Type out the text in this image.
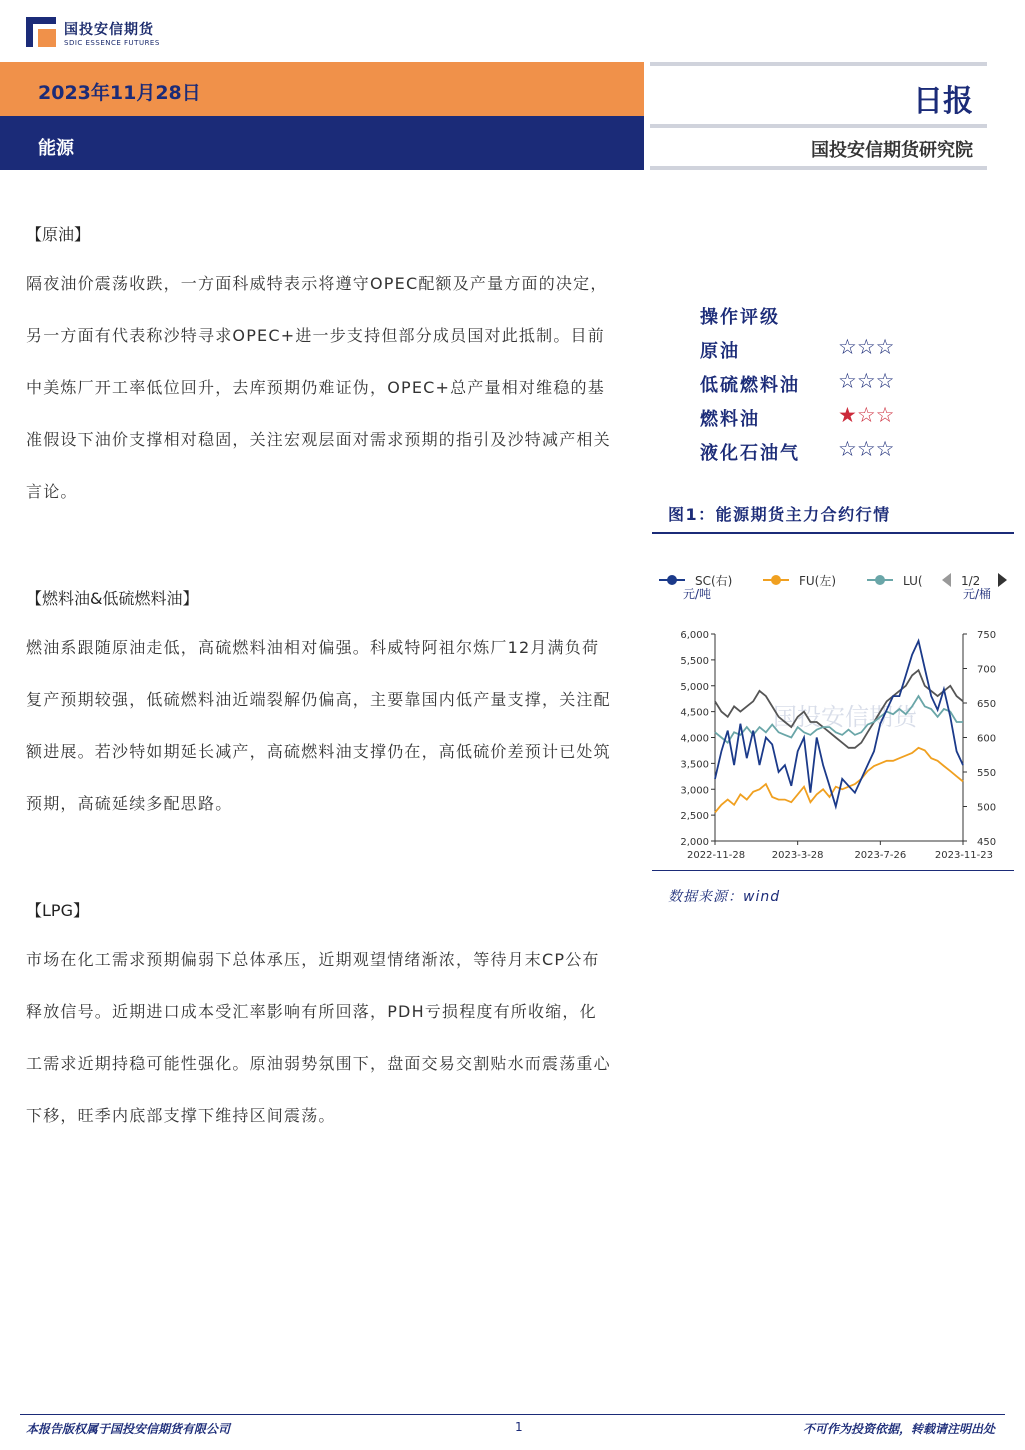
国投安信期货
SDIC ESSENCE FUTURES
2023年11月28日
能源
日报
国投安信期货研究院
【原油】
隔夜油价震荡收跌，一方面科威特表示将遵守OPEC配额及产量方面的决定，另一方面有代表称沙特寻求OPEC+进一步支持但部分成员国对此抵制。目前中美炼厂开工率低位回升，去库预期仍难证伪，OPEC+总产量相对维稳的基准假设下油价支撑相对稳固，关注宏观层面对需求预期的指引及沙特减产相关言论。
【燃料油&低硫燃料油】
燃油系跟随原油走低，高硫燃料油相对偏强。科威特阿祖尔炼厂12月满负荷复产预期较强，低硫燃料油近端裂解仍偏高，主要靠国内低产量支撑，关注配额进展。若沙特如期延长减产，高硫燃料油支撑仍在，高低硫价差预计已处筑预期，高硫延续多配思路。
【LPG】
市场在化工需求预期偏弱下总体承压，近期观望情绪渐浓，等待月末CP公布释放信号。近期进口成本受汇率影响有所回落，PDH亏损程度有所收缩，化工需求近期持稳可能性强化。原油弱势氛围下，盘面交易交割贴水而震荡重心下移，旺季内底部支撑下维持区间震荡。
操作评级
原油	☆☆☆
低硫燃料油 ☆☆☆
燃料油	★☆☆
液化石油气 ☆☆☆
图1：能源期货主力合约行情
SC(右)	FU(左)	LU(	1/2
元/吨	元/桶
国投安信期货
2,000
2,500
3,000
3,500
4,000
4,500
5,000
5,500
6,000
450
500
550
600
650
700
750
2022-11-28	2023-3-28	2023-7-26	2023-11-23
数据来源：wind
本报告版权属于国投安信期货有限公司	1	不可作为投资依据，转载请注明出处
